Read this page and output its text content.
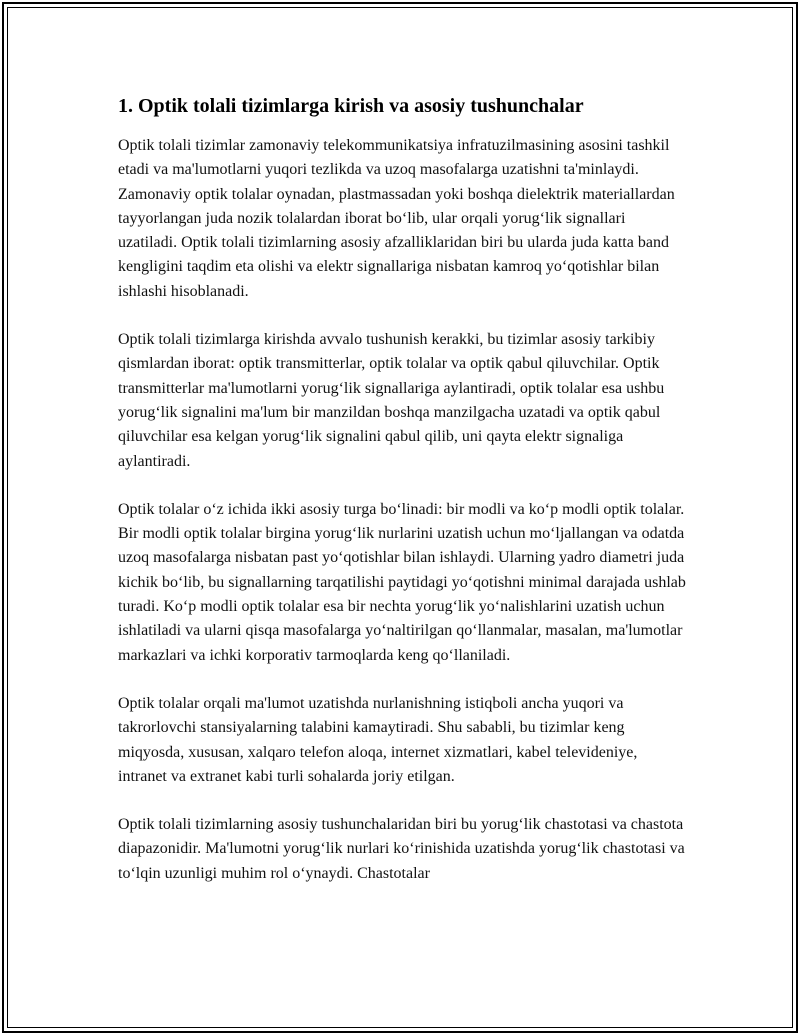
1. Optik tolali tizimlarga kirish va asosiy tushunchalar

Optik tolali tizimlar zamonaviy telekommunikatsiya infratuzilmasining asosini tashkil etadi va ma'lumotlarni yuqori tezlikda va uzoq masofalarga uzatishni ta'minlaydi. Zamonaviy optik tolalar oynadan, plastmassadan yoki boshqa dielektrik materiallardan tayyorlangan juda nozik tolalardan iborat bo‘lib, ular orqali yorug‘lik signallari uzatiladi. Optik tolali tizimlarning asosiy afzalliklaridan biri bu ularda juda katta band kengligini taqdim eta olishi va elektr signallariga nisbatan kamroq yo‘qotishlar bilan ishlashi hisoblanadi.

Optik tolali tizimlarga kirishda avvalo tushunish kerakki, bu tizimlar asosiy tarkibiy qismlardan iborat: optik transmitterlar, optik tolalar va optik qabul qiluvchilar. Optik transmitterlar ma'lumotlarni yorug‘lik signallariga aylantiradi, optik tolalar esa ushbu yorug‘lik signalini ma'lum bir manzildan boshqa manzilgacha uzatadi va optik qabul qiluvchilar esa kelgan yorug‘lik signalini qabul qilib, uni qayta elektr signaliga aylantiradi.

Optik tolalar o‘z ichida ikki asosiy turga bo‘linadi: bir modli va ko‘p modli optik tolalar. Bir modli optik tolalar birgina yorug‘lik nurlarini uzatish uchun mo‘ljallangan va odatda uzoq masofalarga nisbatan past yo‘qotishlar bilan ishlaydi. Ularning yadro diametri juda kichik bo‘lib, bu signallarning tarqatilishi paytidagi yo‘qotishni minimal darajada ushlab turadi. Ko‘p modli optik tolalar esa bir nechta yorug‘lik yo‘nalishlarini uzatish uchun ishlatiladi va ularni qisqa masofalarga yo‘naltirilgan qo‘llanmalar, masalan, ma'lumotlar markazlari va ichki korporativ tarmoqlarda keng qo‘llaniladi.

Optik tolalar orqali ma'lumot uzatishda nurlanishning istiqboli ancha yuqori va takrorlovchi stansiyalarning talabini kamaytiradi. Shu sababli, bu tizimlar keng miqyosda, xususan, xalqaro telefon aloqa, internet xizmatlari, kabel televideniye, intranet va extranet kabi turli sohalarda joriy etilgan.

Optik tolali tizimlarning asosiy tushunchalaridan biri bu yorug‘lik chastotasi va chastota diapazonidir. Ma'lumotni yorug‘lik nurlari ko‘rinishida uzatishda yorug‘lik chastotasi va to‘lqin uzunligi muhim rol o‘ynaydi. Chastotalar
